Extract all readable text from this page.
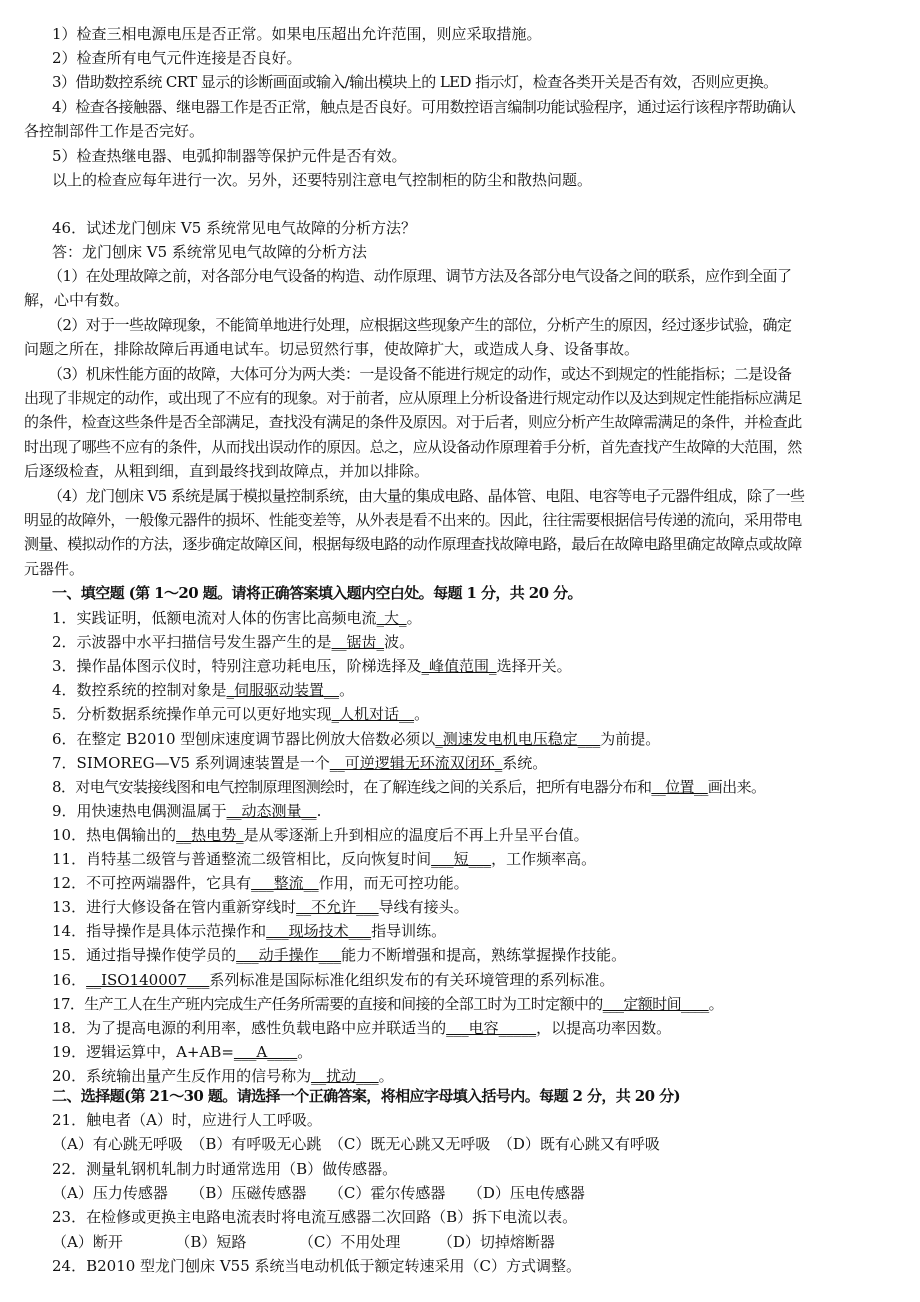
1）检查三相电源电压是否正常。如果电压超出允许范围，则应采取措施。
2）检查所有电气元件连接是否良好。
3）借助数控系统 CRT 显示的诊断画面或输入/输出模块上的 LED 指示灯，检查各类开关是否有效，否则应更换。
4）检查各接触器、继电器工作是否正常，触点是否良好。可用数控语言编制功能试验程序，通过运行该程序帮助确认
各控制部件工作是否完好。
5）检查热继电器、电弧抑制器等保护元件是否有效。
以上的检查应每年进行一次。另外，还要特别注意电气控制柜的防尘和散热问题。
46．试述龙门刨床 V5 系统常见电气故障的分析方法？
答：龙门刨床 V5 系统常见电气故障的分析方法
（1）在处理故障之前，对各部分电气设备的构造、动作原理、调节方法及各部分电气设备之间的联系，应作到全面了
解，心中有数。
（2）对于一些故障现象，不能简单地进行处理，应根据这些现象产生的部位，分析产生的原因，经过逐步试验，确定
问题之所在，排除故障后再通电试车。切忌贸然行事，使故障扩大，或造成人身、设备事故。
（3）机床性能方面的故障，大体可分为两大类：一是设备不能进行规定的动作，或达不到规定的性能指标；二是设备
出现了非规定的动作，或出现了不应有的现象。对于前者，应从原理上分析设备进行规定动作以及达到规定性能指标应满足
的条件，检查这些条件是否全部满足，查找没有满足的条件及原因。对于后者，则应分析产生故障需满足的条件，并检查此
时出现了哪些不应有的条件，从而找出误动作的原因。总之，应从设备动作原理着手分析，首先查找产生故障的大范围，然
后逐级检查，从粗到细，直到最终找到故障点，并加以排除。
（4）龙门刨床 V5 系统是属于模拟量控制系统，由大量的集成电路、晶体管、电阻、电容等电子元器件组成，除了一些
明显的故障外，一般像元器件的损坏、性能变差等，从外表是看不出来的。因此，往往需要根据信号传递的流向，采用带电
测量、模拟动作的方法，逐步确定故障区间，根据每级电路的动作原理查找故障电路，最后在故障电路里确定故障点或故障
元器件。
一、填空题 (第 1～20 题。请将正确答案填入题内空白处。每题 1 分，共 20 分。
1．实践证明，低额电流对人体的伤害比高频电流_大_。
2．示波器中水平扫描信号发生器产生的是__锯齿_波。
3．操作晶体图示仪时，特别注意功耗电压，阶梯选择及_峰值范围_选择开关。
4．数控系统的控制对象是_伺服驱动装置__。
5．分析数据系统操作单元可以更好地实现_人机对话__。
6．在整定 B2010 型刨床速度调节器比例放大倍数必须以_测速发电机电压稳定___为前提。
7．SIMOREG—V5 系列调速装置是一个__可逆逻辑无环流双闭环_系统。
8．对电气安装接线图和电气控制原理图测绘时，在了解连线之间的关系后，把所有电器分布和__位置__画出来。
9．用快速热电偶测温属于__动态测量__.
10．热电偶输出的__热电势_是从零逐渐上升到相应的温度后不再上升呈平台值。
11．肖特基二级管与普通整流二级管相比，反向恢复时间___短___，工作频率高。
12．不可控两端器件，它具有___整流__作用，而无可控功能。
13．进行大修设备在管内重新穿线时__不允许___导线有接头。
14．指导操作是具体示范操作和___现场技术___指导训练。
15．通过指导操作使学员的___动手操作___能力不断增强和提高，熟练掌握操作技能。
16．__ISO140007___系列标准是国际标准化组织发布的有关环境管理的系列标准。
17．生产工人在生产班内完成生产任务所需要的直接和间接的全部工时为工时定额中的___定额时间____。
18．为了提高电源的利用率，感性负载电路中应并联适当的___电容_____，以提高功率因数。
19．逻辑运算中，A+AB=___A____。
20．系统输出量产生反作用的信号称为__扰动___。
二、选择题(第 21～30 题。请选择一个正确答案，将相应字母填入括号内。每题 2 分，共 20 分)
21．触电者（A）时，应进行人工呼吸。
（A）有心跳无呼吸　（B）有呼吸无心跳　（C）既无心跳又无呼吸　（D）既有心跳又有呼吸
22．测量轧钢机轧制力时通常选用（B）做传感器。
（A）压力传感器　　（B）压磁传感器　　（C）霍尔传感器　　（D）压电传感器
23．在检修或更换主电路电流表时将电流互感器二次回路（B）拆下电流以表。
（A）断开　　　　（B）短路　　　　（C）不用处理　　　（D）切掉熔断器
24．B2010 型龙门刨床 V55 系统当电动机低于额定转速采用（C）方式调整。
